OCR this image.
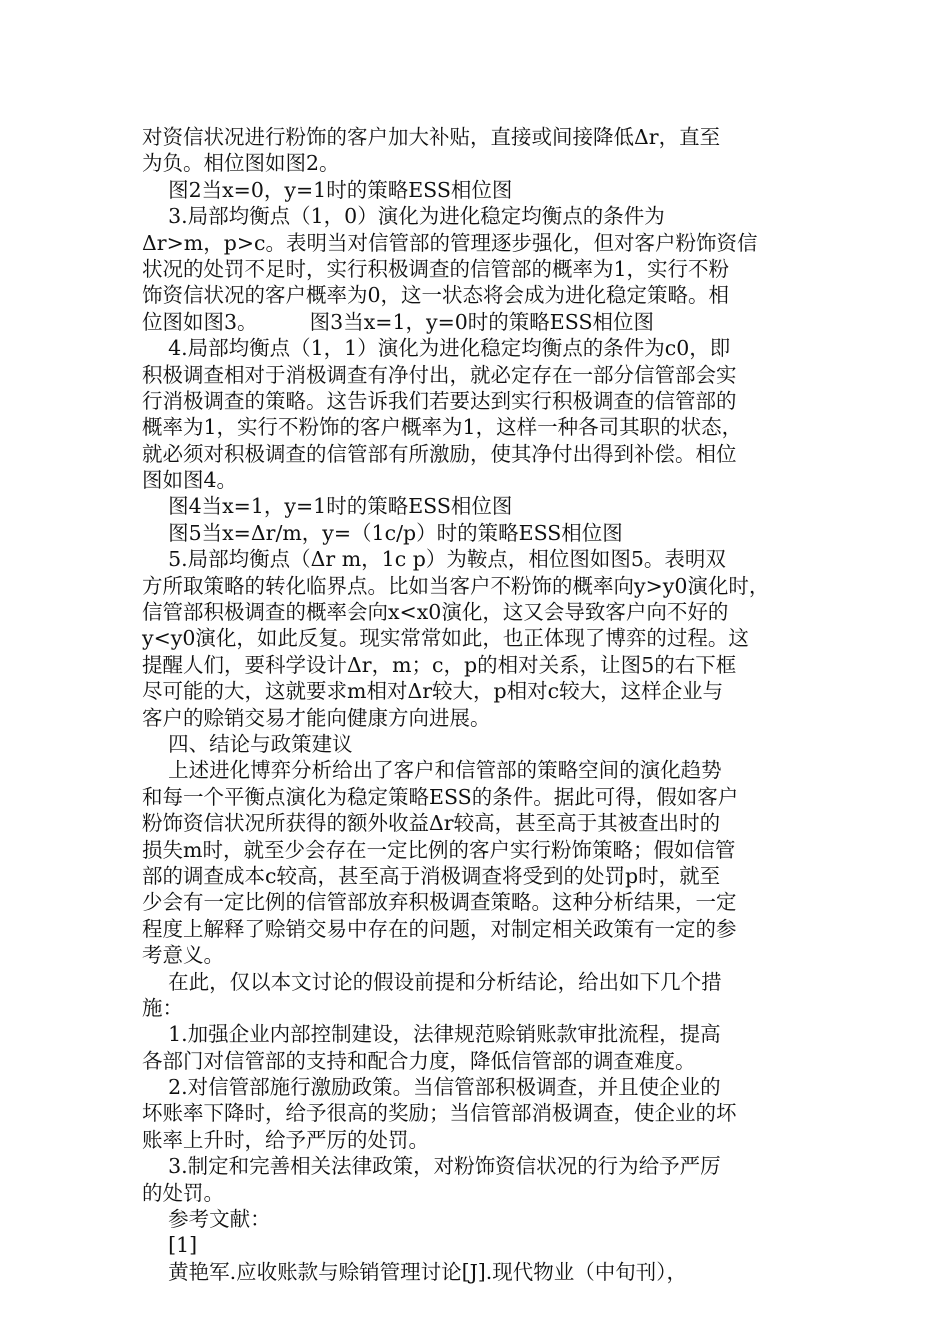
对资信状况进行粉饰的客户加大补贴，直接或间接降低Δr，直至
为负。相位图如图2。
图2当x=0，y=1时的策略ESS相位图
3.局部均衡点（1，0）演化为进化稳定均衡点的条件为
Δr>m，p>c。表明当对信管部的管理逐步强化，但对客户粉饰资信
状况的处罚不足时，实行积极调查的信管部的概率为1，实行不粉
饰资信状况的客户概率为0，这一状态将会成为进化稳定策略。相
位图如图3。        图3当x=1，y=0时的策略ESS相位图
4.局部均衡点（1，1）演化为进化稳定均衡点的条件为c0，即
积极调查相对于消极调查有净付出，就必定存在一部分信管部会实
行消极调查的策略。这告诉我们若要达到实行积极调查的信管部的
概率为1，实行不粉饰的客户概率为1，这样一种各司其职的状态，
就必须对积极调查的信管部有所激励，使其净付出得到补偿。相位
图如图4。
图4当x=1，y=1时的策略ESS相位图
图5当x=Δr/m，y=（1c/p）时的策略ESS相位图
5.局部均衡点（Δr m，1c p）为鞍点，相位图如图5。表明双
方所取策略的转化临界点。比如当客户不粉饰的概率向y>y0演化时，
信管部积极调查的概率会向x<x0演化，这又会导致客户向不好的
y<y0演化，如此反复。现实常常如此，也正体现了博弈的过程。这
提醒人们，要科学设计Δr，m；c，p的相对关系，让图5的右下框
尽可能的大，这就要求m相对Δr较大，p相对c较大，这样企业与
客户的赊销交易才能向健康方向进展。
四、结论与政策建议
上述进化博弈分析给出了客户和信管部的策略空间的演化趋势
和每一个平衡点演化为稳定策略ESS的条件。据此可得，假如客户
粉饰资信状况所获得的额外收益Δr较高，甚至高于其被查出时的
损失m时，就至少会存在一定比例的客户实行粉饰策略；假如信管
部的调查成本c较高，甚至高于消极调查将受到的处罚p时，就至
少会有一定比例的信管部放弃积极调查策略。这种分析结果，一定
程度上解释了赊销交易中存在的问题，对制定相关政策有一定的参
考意义。
在此，仅以本文讨论的假设前提和分析结论，给出如下几个措
施：
1.加强企业内部控制建设，法律规范赊销账款审批流程，提高
各部门对信管部的支持和配合力度，降低信管部的调查难度。
2.对信管部施行激励政策。当信管部积极调查，并且使企业的
坏账率下降时，给予很高的奖励；当信管部消极调查，使企业的坏
账率上升时，给予严厉的处罚。
3.制定和完善相关法律政策，对粉饰资信状况的行为给予严厉
的处罚。
参考文献：
[1]
黄艳军.应收账款与赊销管理讨论[J].现代物业（中旬刊），
